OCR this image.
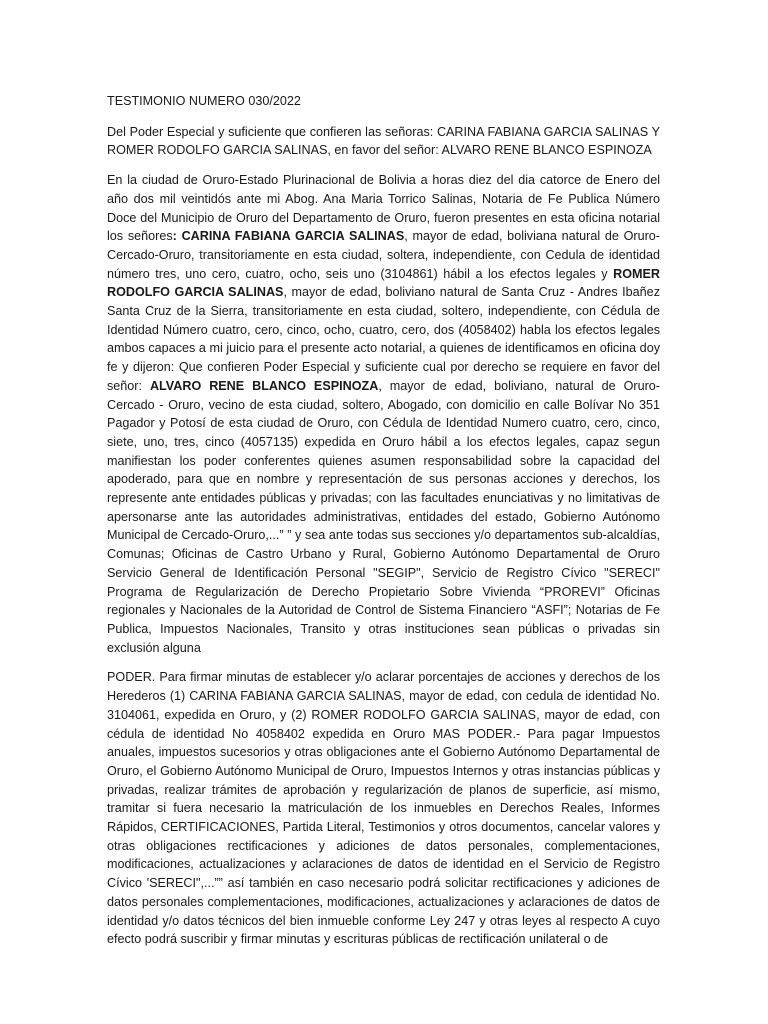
TESTIMONIO NUMERO 030/2022

Del Poder Especial y suficiente que confieren las señoras: CARINA FABIANA GARCIA SALINAS Y ROMER RODOLFO GARCIA SALINAS, en favor del señor: ALVARO RENE BLANCO ESPINOZA

En la ciudad de Oruro-Estado Plurinacional de Bolivia a horas diez del dia catorce de Enero del año dos mil veintidós ante mi Abog. Ana Maria Torrico Salinas, Notaria de Fe Publica Número Doce del Municipio de Oruro del Departamento de Oruro, fueron presentes en esta oficina notarial los señores: CARINA FABIANA GARCIA SALINAS, mayor de edad, boliviana natural de Oruro- Cercado-Oruro, transitoriamente en esta ciudad, soltera, independiente, con Cedula de identidad número tres, uno cero, cuatro, ocho, seis uno (3104861) hábil a los efectos legales y ROMER RODOLFO GARCIA SALINAS, mayor de edad, boliviano natural de Santa Cruz - Andres Ibañez Santa Cruz de la Sierra, transitoriamente en esta ciudad, soltero, independiente, con Cédula de Identidad Número cuatro, cero, cinco, ocho, cuatro, cero, dos (4058402) habla los efectos legales ambos capaces a mi juicio para el presente acto notarial, a quienes de identificamos en oficina doy fe y dijeron: Que confieren Poder Especial y suficiente cual por derecho se requiere en favor del señor: ALVARO RENE BLANCO ESPINOZA, mayor de edad, boliviano, natural de Oruro- Cercado - Oruro, vecino de esta ciudad, soltero, Abogado, con domicilio en calle Bolívar No 351 Pagador y Potosí de esta ciudad de Oruro, con Cédula de Identidad Numero cuatro, cero, cinco, siete, uno, tres, cinco (4057135) expedida en Oruro hábil a los efectos legales, capaz segun manifiestan los poder conferentes quienes asumen responsabilidad sobre la capacidad del apoderado, para que en nombre y representación de sus personas acciones y derechos, los represente ante entidades públicas y privadas; con las facultades enunciativas y no limitativas de apersonarse ante las autoridades administrativas, entidades del estado, Gobierno Autónomo Municipal de Cercado-Oruro,...” ” y sea ante todas sus secciones y/o departamentos sub-alcaldías, Comunas; Oficinas de Castro Urbano y Rural, Gobierno Autónomo Departamental de Oruro Servicio General de Identificación Personal "SEGIP", Servicio de Registro Cívico "SERECI" Programa de Regularización de Derecho Propietario Sobre Vivienda “PROREVI” Oficinas regionales y Nacionales de la Autoridad de Control de Sistema Financiero “ASFI”; Notarias de Fe Publica, Impuestos Nacionales, Transito y otras instituciones sean públicas o privadas sin exclusión alguna

PODER. Para firmar minutas de establecer y/o aclarar porcentajes de acciones y derechos de los Herederos (1) CARINA FABIANA GARCIA SALINAS, mayor de edad, con cedula de identidad No. 3104061, expedida en Oruro, y (2) ROMER RODOLFO GARCIA SALINAS, mayor de edad, con cédula de identidad No 4058402 expedida en Oruro MAS PODER.- Para pagar Impuestos anuales, impuestos sucesorios y otras obligaciones ante el Gobierno Autónomo Departamental de Oruro, el Gobierno Autónomo Municipal de Oruro, Impuestos Internos y otras instancias públicas y privadas, realizar trámites de aprobación y regularización de planos de superficie, así mismo, tramitar si fuera necesario la matriculación de los inmuebles en Derechos Reales, Informes Rápidos, CERTIFICACIONES, Partida Literal, Testimonios y otros documentos, cancelar valores y otras obligaciones rectificaciones y adiciones de datos personales, complementaciones, modificaciones, actualizaciones y aclaraciones de datos de identidad en el Servicio de Registro Cívico 'SERECI",...”” así también en caso necesario podrá solicitar rectificaciones y adiciones de datos personales complementaciones, modificaciones, actualizaciones y aclaraciones de datos de identidad y/o datos técnicos del bien inmueble conforme Ley 247 y otras leyes al respecto A cuyo efecto podrá suscribir y firmar minutas y escrituras públicas de rectificación unilateral o de
